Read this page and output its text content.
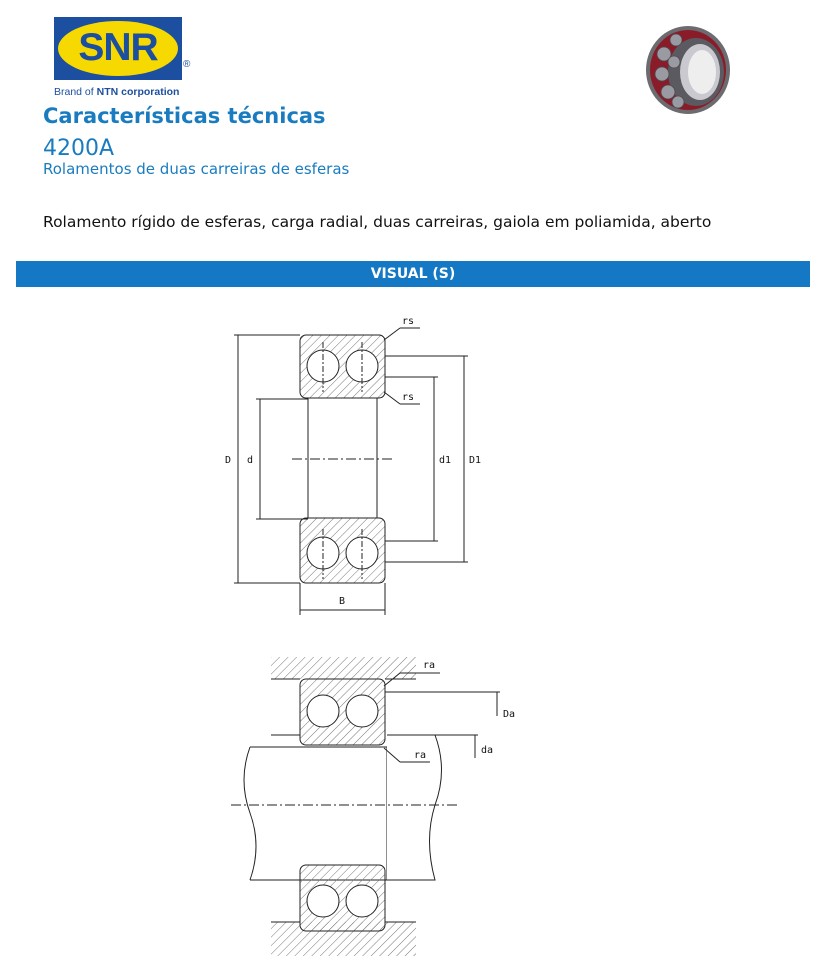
SNR	®
Brand of NTN corporation
Características técnicas
4200A
Rolamentos de duas carreiras de esferas
Rolamento rígido de esferas, carga radial, duas carreiras, gaiola em poliamida, aberto
VISUAL (S)
rs
rs
D d	d1 D1
B
ra
Da
ra	da
